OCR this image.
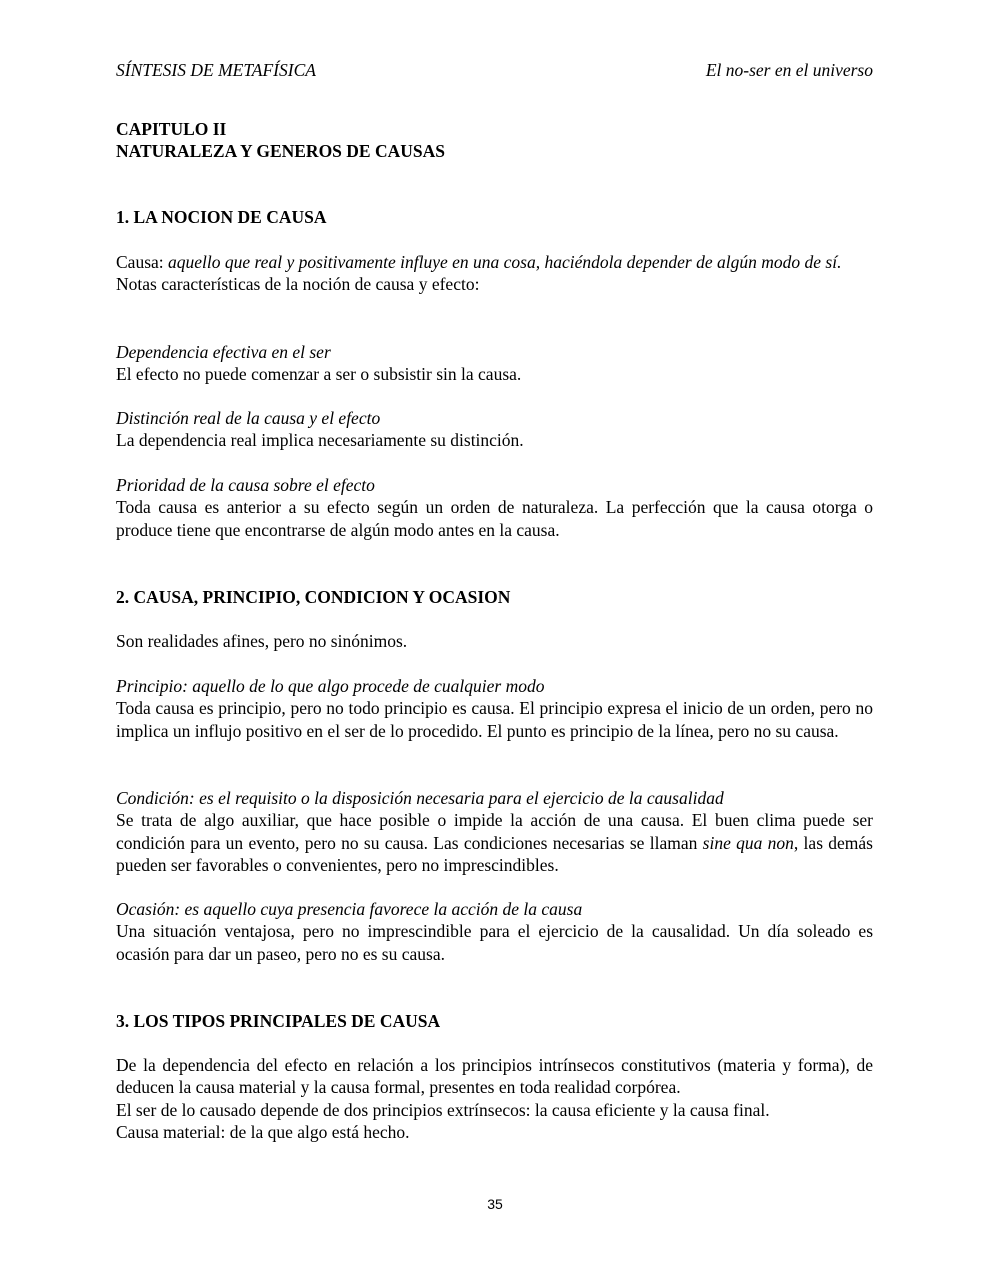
SÍNTESIS DE METAFÍSICA	El no-ser en el universo

CAPITULO II

NATURALEZA Y GENEROS DE CAUSAS

1. LA NOCION DE CAUSA

Causa: aquello que real y positivamente influye en una cosa, haciéndola depender de algún modo de sí.

Notas características de la noción de causa y efecto:

Dependencia efectiva en el ser

El efecto no puede comenzar a ser o subsistir sin la causa.

Distinción real de la causa y el efecto

La dependencia real implica necesariamente su distinción.

Prioridad de la causa sobre el efecto

Toda causa es anterior a su efecto según un orden de naturaleza. La perfección que la causa otorga o produce tiene que encontrarse de algún modo antes en la causa.

2. CAUSA, PRINCIPIO, CONDICION Y OCASION
Son realidades afines, pero no sinónimos.

Principio: aquello de lo que algo procede de cualquier modo

Toda causa es principio, pero no todo principio es causa. El principio expresa el inicio de un orden, pero no implica un influjo positivo en el ser de lo procedido. El punto es principio de la línea, pero no su causa.

Condición: es el requisito o la disposición necesaria para el ejercicio de la causalidad

Se trata de algo auxiliar, que hace posible o impide la acción de una causa. El buen clima puede ser condición para un evento, pero no su causa. Las condiciones necesarias se llaman sine qua non, las demás pueden ser favorables o convenientes, pero no imprescindibles.

Ocasión: es aquello cuya presencia favorece la acción de la causa

Una situación ventajosa, pero no imprescindible para el ejercicio de la causalidad. Un día soleado es ocasión para dar un paseo, pero no es su causa.

3. LOS TIPOS PRINCIPALES DE CAUSA

De la dependencia del efecto en relación a los principios intrínsecos constitutivos (materia y forma), de deducen la causa material y la causa formal, presentes en toda realidad corpórea.

El ser de lo causado depende de dos principios extrínsecos: la causa eficiente y la causa final.

Causa material: de la que algo está hecho.

35
